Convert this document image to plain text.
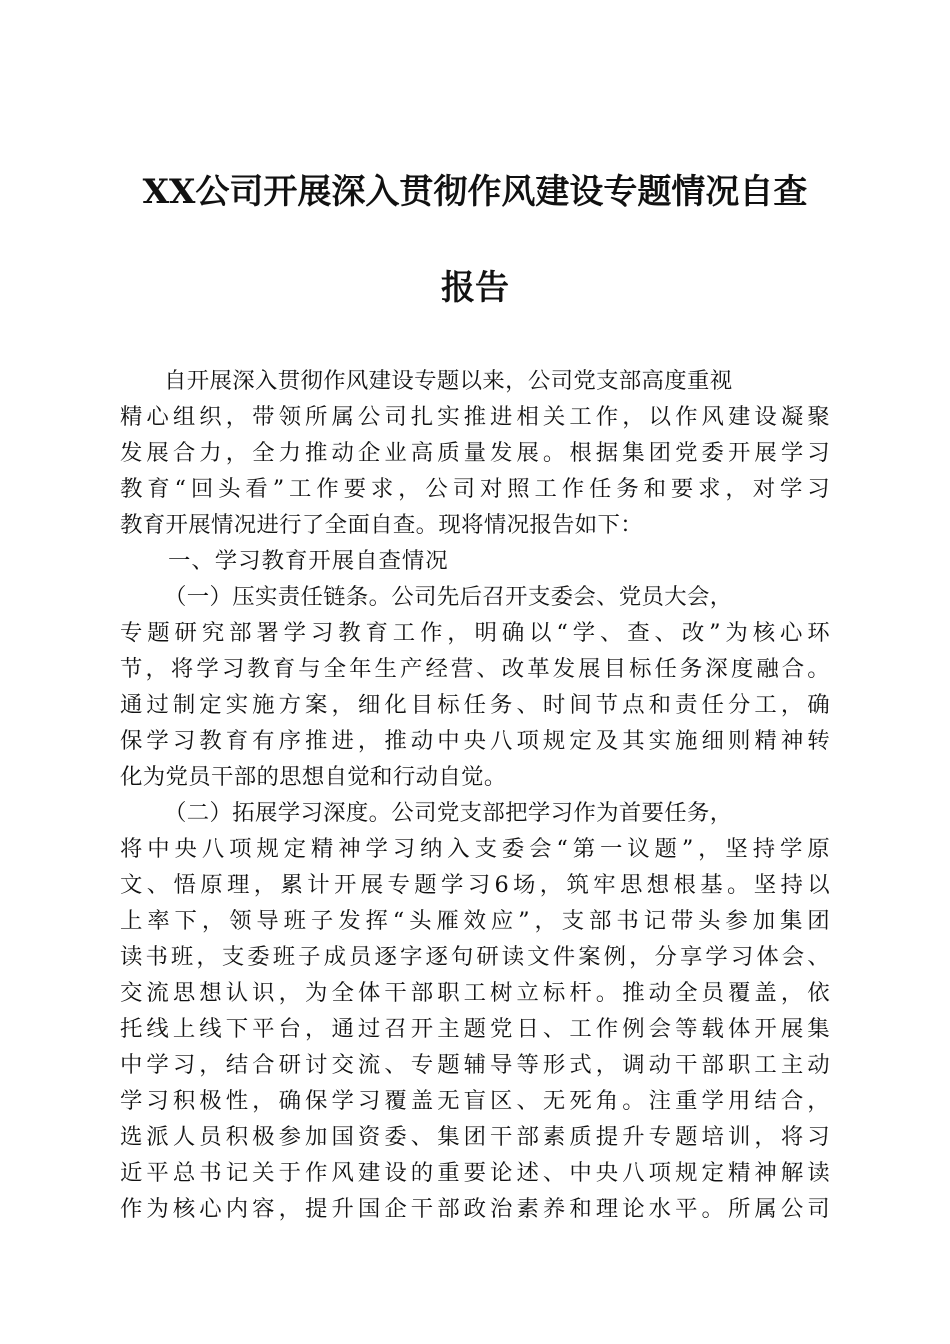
XX公司开展深入贯彻作风建设专题情况自查
报告
自开展深入贯彻作风建设专题以来，公司党支部高度重视
精心组织，带领所属公司扎实推进相关工作，以作风建设凝聚
发展合力，全力推动企业高质量发展。根据集团党委开展学习
教育“回头看”工作要求，公司对照工作任务和要求，对学习
教育开展情况进行了全面自查。现将情况报告如下：
一、学习教育开展自查情况
（一）压实责任链条。公司先后召开支委会、党员大会，
专题研究部署学习教育工作，明确以“学、查、改”为核心环
节，将学习教育与全年生产经营、改革发展目标任务深度融合。
通过制定实施方案，细化目标任务、时间节点和责任分工，确
保学习教育有序推进，推动中央八项规定及其实施细则精神转
化为党员干部的思想自觉和行动自觉。
（二）拓展学习深度。公司党支部把学习作为首要任务，
将中央八项规定精神学习纳入支委会“第一议题”，坚持学原
文、悟原理，累计开展专题学习6场，筑牢思想根基。坚持以
上率下，领导班子发挥“头雁效应”，支部书记带头参加集团
读书班，支委班子成员逐字逐句研读文件案例，分享学习体会、
交流思想认识，为全体干部职工树立标杆。推动全员覆盖，依
托线上线下平台，通过召开主题党日、工作例会等载体开展集
中学习，结合研讨交流、专题辅导等形式，调动干部职工主动
学习积极性，确保学习覆盖无盲区、无死角。注重学用结合，
选派人员积极参加国资委、集团干部素质提升专题培训，将习
近平总书记关于作风建设的重要论述、中央八项规定精神解读
作为核心内容，提升国企干部政治素养和理论水平。所属公司
